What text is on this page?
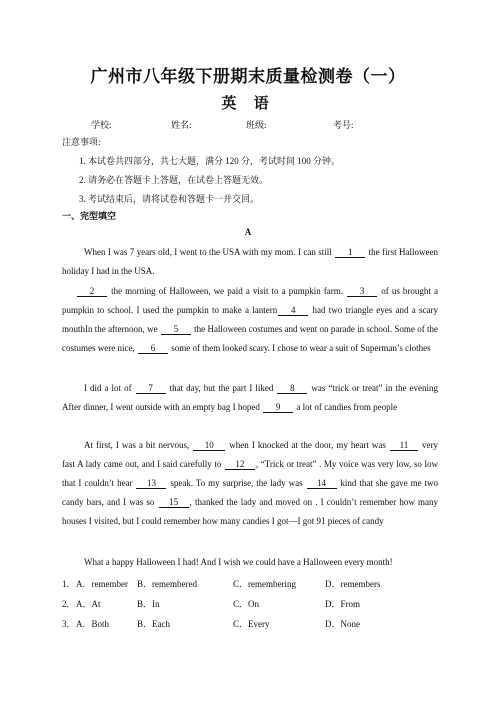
广州市八年级下册期末质量检测卷（一）
英 语
学校:	姓名:	班级:	考号:
注意事项:
1. 本试卷共四部分，共七大题，满分 120 分，考试时间 100 分钟。
2. 请务必在答题卡上答题，在试卷上答题无效。
3. 考试结束后，请将试卷和答题卡一并交回。
一、完型填空
A
When I was 7 years old, I went to the USA with my mom. I can still 1 the first Halloween holiday I had in the USA.
2 the morning of Halloween, we paid a visit to a pumpkin farm. 3 of us brought a pumpkin to school. I used the pumpkin to make a lantern 4 had two triangle eyes and a scary mouthIn the afternoon, we 5 the Halloween costumes and went on parade in school. Some of the costumes were nice, 6 some of them looked scary. I chose to wear a suit of Superman’s clothes
I did a lot of 7 that day, but the part I liked 8 was “trick or treat” in the evening After dinner, I went outside with an empty bag I hoped 9 a lot of candies from people
At first, I was a bit nervous, 10 when I knocked at the door, my heart was 11 very fast A lady came out, and I said carefully to 12 , “Trick or treat” . My voice was very low, so low that I couldn’t hear 13 speak. To my surprise, the lady was 14 kind that she gave me two candy bars, and I was so 15 , thanked the lady and moved on . I couldn’t remember how many houses I visited, but I could remember how many candies I got—I got 91 pieces of candy
What a happy Halloween I had! And I wish we could have a Halloween every month!
1． A．remember B．remembered	C．remembering	D．remembers
2． A．At	B．In	C．On	D．From
3． A．Both	B．Each	C．Every	D．None
